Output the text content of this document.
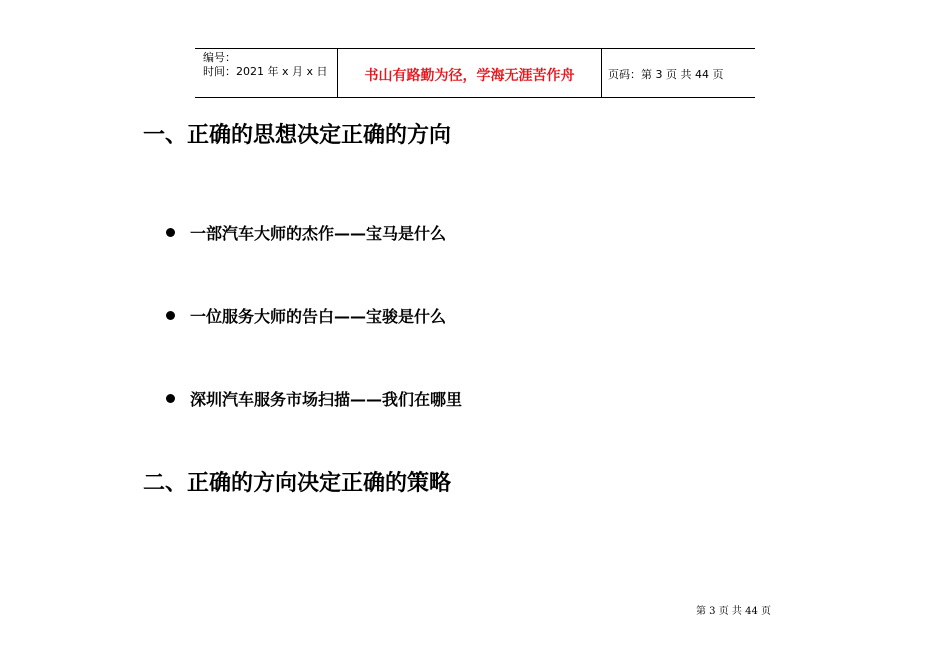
编号：
时间：2021 年 x 月 x 日	书山有路勤为径，学海无涯苦作舟	页码：第 3 页 共 44 页
一、正确的思想决定正确的方向
一部汽车大师的杰作——宝马是什么
一位服务大师的告白——宝骏是什么
深圳汽车服务市场扫描——我们在哪里
二、正确的方向决定正确的策略
第 3 页 共 44 页
